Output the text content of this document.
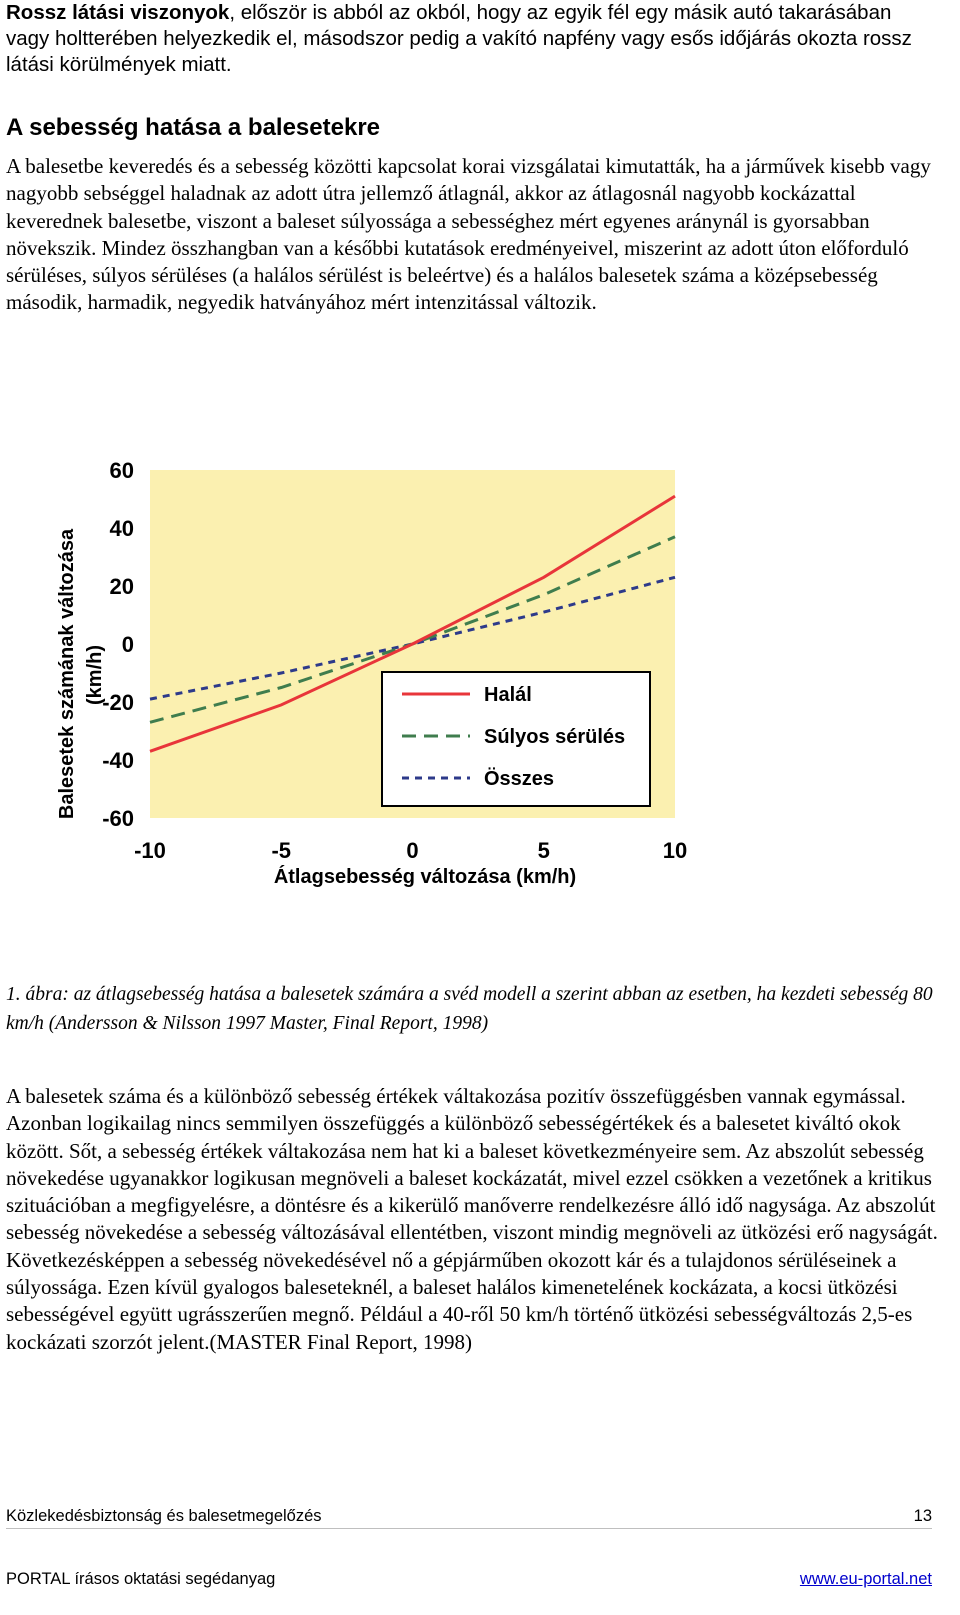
Rossz látási viszonyok, először is abból az okból, hogy az egyik fél egy másik autó takarásában vagy holtterében helyezkedik el, másodszor pedig a vakító napfény vagy esős időjárás okozta rossz látási körülmények miatt.
A sebesség hatása a balesetekre

A balesetbe keveredés és a sebesség közötti kapcsolat korai vizsgálatai kimutatták, ha a járművek kisebb vagy nagyobb sebséggel haladnak az adott útra jellemző átlagnál, akkor az átlagosnál nagyobb kockázattal keverednek balesetbe, viszont a baleset súlyossága a sebességhez mért egyenes aránynál is gyorsabban növekszik. Mindez összhangban van a későbbi kutatások eredményeivel, miszerint az adott úton előforduló sérüléses, súlyos sérüléses (a halálos sérülést is beleértve) és a halálos balesetek száma a középsebesség második, harmadik, negyedik hatványához mért intenzitással változik.

60
40
20
0
-20
-40
-60
-10	-5	0	5	10
Halál
Súlyos sérülés
Összes
Balesetek számának változása (km/h)
Átlagsebesség változása (km/h)

1. ábra: az átlagsebesség hatása a balesetek számára a svéd modell a szerint abban az esetben, ha kezdeti sebesség 80 km/h (Andersson & Nilsson 1997 Master, Final Report, 1998)

A balesetek száma és a különböző sebesség értékek váltakozása pozitív összefüggésben vannak egymással. Azonban logikailag nincs semmilyen összefüggés a különböző sebességértékek és a balesetet kiváltó okok között. Sőt, a sebesség értékek váltakozása nem hat ki a baleset következményeire sem. Az abszolút sebesség növekedése ugyanakkor logikusan megnöveli a baleset kockázatát, mivel ezzel csökken a vezetőnek a kritikus szituációban a megfigyelésre, a döntésre és a kikerülő manőverre rendelkezésre álló idő nagysága. Az abszolút sebesség növekedése a sebesség változásával ellentétben, viszont mindig megnöveli az ütközési erő nagyságát. Következésképpen a sebesség növekedésével nő a gépjárműben okozott kár és a tulajdonos sérüléseinek a súlyossága. Ezen kívül gyalogos baleseteknél, a baleset halálos kimenetelének kockázata, a kocsi ütközési sebességével együtt ugrásszerűen megnő. Például a 40-ről 50 km/h történő ütközési sebességváltozás 2,5-es kockázati szorzót jelent.(MASTER Final Report, 1998)

Közlekedésbiztonság és balesetmegelőzés	13
PORTAL írásos oktatási segédanyag	www.eu-portal.net
